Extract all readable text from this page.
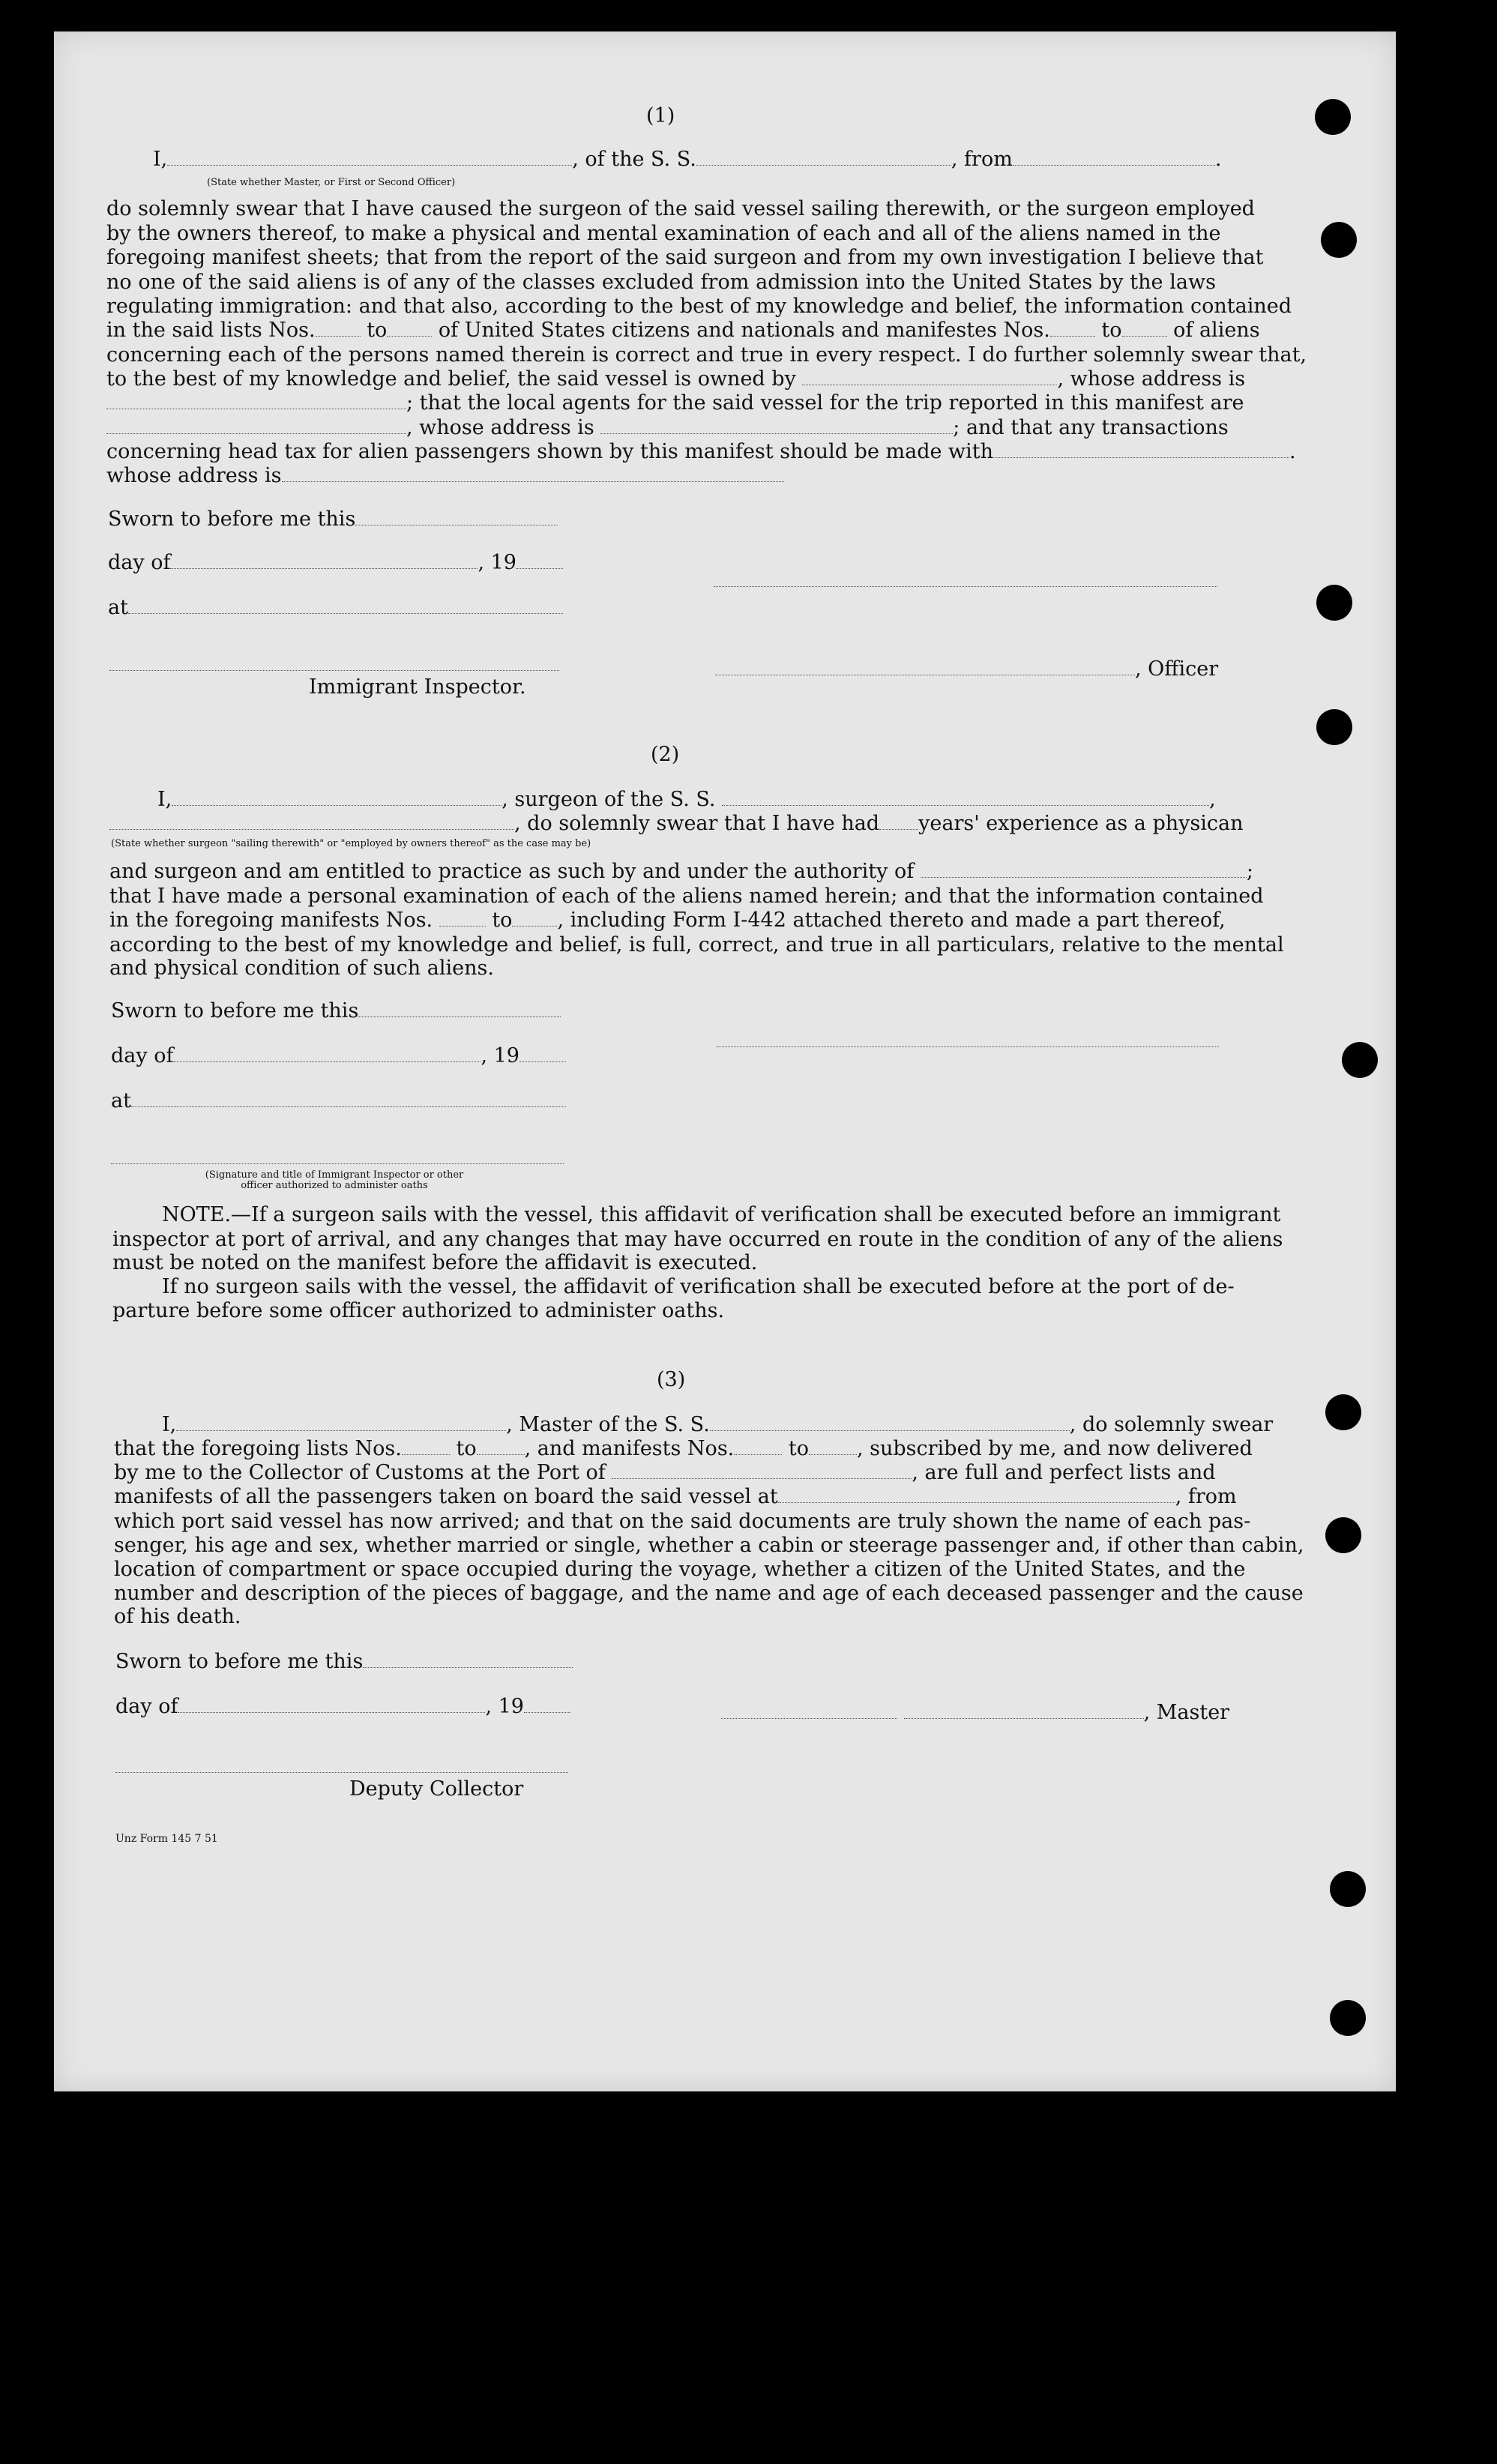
(1)
I,	, of the S. S.	, from	.
(State whether Master, or First or Second Officer)
do solemnly swear that I have caused the surgeon of the said vessel sailing therewith, or the surgeon employed
by the owners thereof, to make a physical and mental examination of each and all of the aliens named in the
foregoing manifest sheets; that from the report of the said surgeon and from my own investigation I believe that
no one of the said aliens is of any of the classes excluded from admission into the United States by the laws
regulating immigration: and that also, according to the best of my knowledge and belief, the information contained
in the said lists Nos.	to	of United States citizens and nationals and manifestes Nos.	to	of aliens
concerning each of the persons named therein is correct and true in every respect. I do further solemnly swear that,
to the best of my knowledge and belief, the said vessel is owned by	, whose address is
; that the local agents for the said vessel for the trip reported in this manifest are
, whose address is	; and that any transactions
concerning head tax for alien passengers shown by this manifest should be made with	.
whose address is
Sworn to before me this
day of	, 19
at
, Officer
Immigrant Inspector.
(2)
I,	, surgeon of the S. S.	,
, do solemnly swear that I have had years' experience as a physican
(State whether surgeon "sailing therewith" or "employed by owners thereof" as the case may be)
and surgeon and am entitled to practice as such by and under the authority of	;
that I have made a personal examination of each of the aliens named herein; and that the information contained
in the foregoing manifests Nos.	to , including Form I-442 attached thereto and made a part thereof,
according to the best of my knowledge and belief, is full, correct, and true in all particulars, relative to the mental
and physical condition of such aliens.
Sworn to before me this
day of	, 19
at
(Signature and title of Immigrant Inspector or other
officer authorized to administer oaths
NOTE.—If a surgeon sails with the vessel, this affidavit of verification shall be executed before an immigrant
inspector at port of arrival, and any changes that may have occurred en route in the condition of any of the aliens
must be noted on the manifest before the affidavit is executed.
If no surgeon sails with the vessel, the affidavit of verification shall be executed before at the port of de-
parture before some officer authorized to administer oaths.
(3)
I,	, Master of the S. S.	, do solemnly swear
that the foregoing lists Nos.	to , and manifests Nos.	to , subscribed by me, and now delivered
by me to the Collector of Customs at the Port of	, are full and perfect lists and
manifests of all the passengers taken on board the said vessel at	, from
which port said vessel has now arrived; and that on the said documents are truly shown the name of each pas-
senger, his age and sex, whether married or single, whether a cabin or steerage passenger and, if other than cabin,
location of compartment or space occupied during the voyage, whether a citizen of the United States, and the
number and description of the pieces of baggage, and the name and age of each deceased passenger and the cause
of his death.
Sworn to before me this
day of	, 19	, Master
Deputy Collector
Unz Form 145 7 51
